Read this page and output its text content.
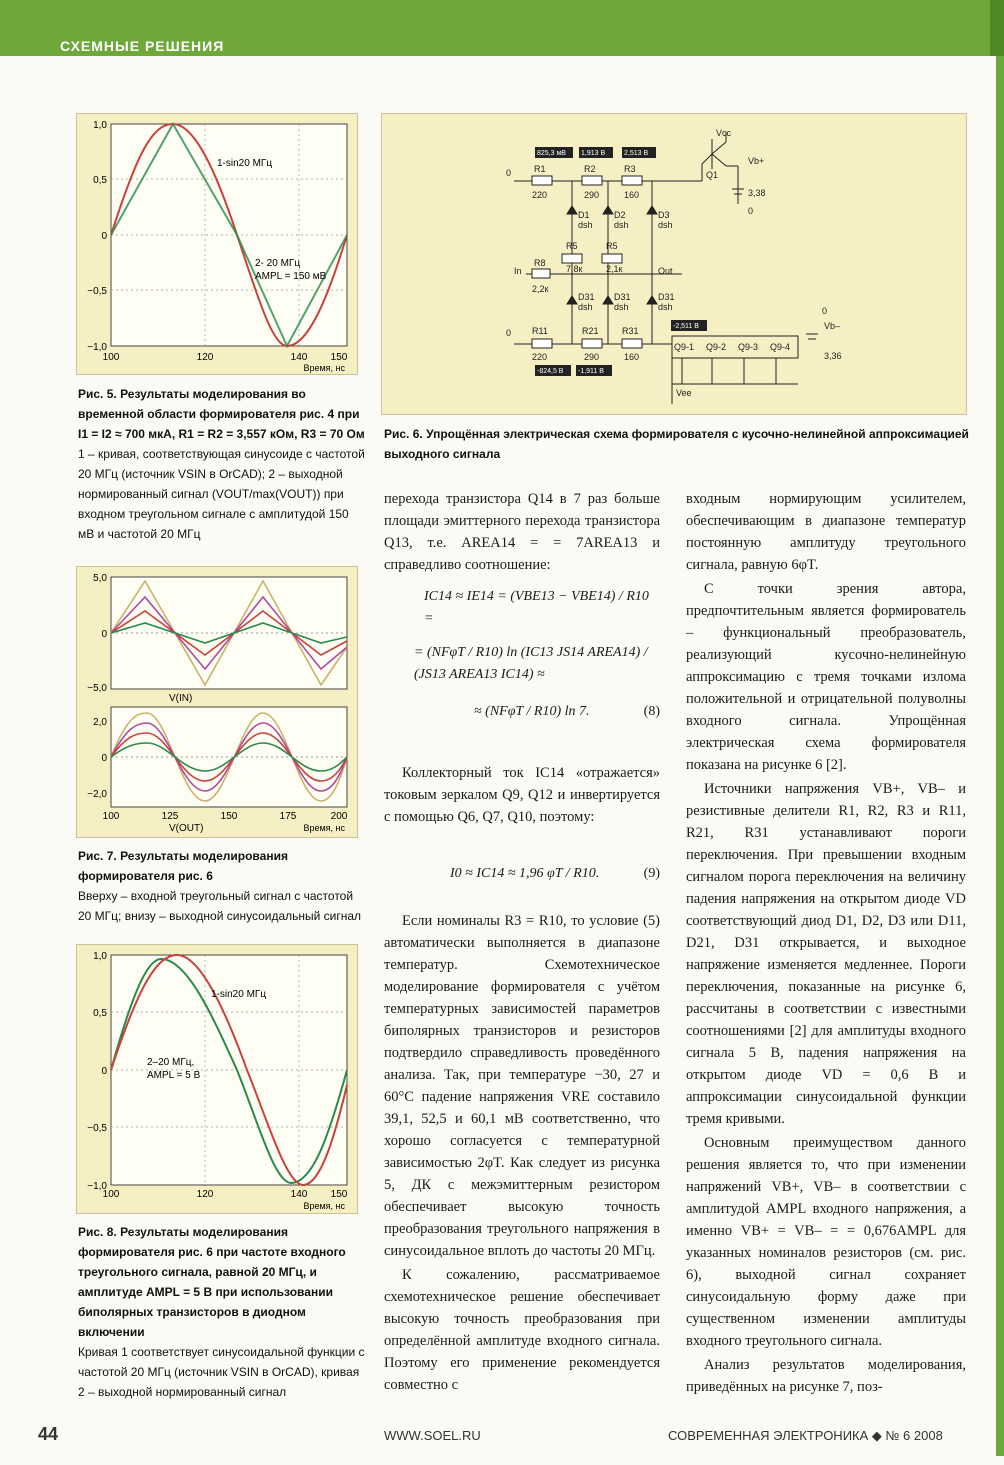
СХЕМНЫЕ РЕШЕНИЯ
1,0
0,5
0
−0,5
−1,0
100	120	140 150
Время, нс
1-sin20 МГц
2- 20 МГц
AMPL = 150 мВ
Рис. 5. Результаты моделирования во временной области формирователя рис. 4 при I1 = I2 ≈ 700 мкА, R1 = R2 = 3,557 кОм, R3 = 70 Ом
1 – кривая, соответствующая синусоиде с частотой 20 МГц (источник VSIN в OrCAD); 2 – выходной нормированный сигнал (VOUT/max(VOUT)) при входном треугольном сигнале с амплитудой 150 мВ и частотой 20 МГц
5,0
0
−5,0
V(IN)
2,0
0
−2,0
100	125	150	175	200
V(OUT)	Время, нс
Рис. 7. Результаты моделирования формирователя рис. 6
Вверху – входной треугольный сигнал с частотой 20 МГц; внизу – выходной синусоидальный сигнал
1,0
0,5
0
−0,5
−1,0
100	120	140 150
Время, нс
1-sin20 МГц
2–20 МГц,
AMPL = 5 В
Рис. 8. Результаты моделирования формирователя рис. 6 при частоте входного треугольного сигнала, равной 20 МГц, и амплитуде AMPL = 5 В при использовании биполярных транзисторов в диодном включении
Кривая 1 соответствует синусоидальной функции с частотой 20 МГц (источник VSIN в OrCAD), кривая 2 – выходной нормированный сигнал
825,3 мВ 1,913 В	2,513 В
-2,511 В
-824,5 В -1,911 В
0	R1
220
R2
290
R3
160
Vcc
Q1
Vb+
3,38
0
D1	D2	D3
dsh dsh	dsh
R5
7,8к
R5
2,1к
In
R8
2,2к
Out
D31 D31	D31
dsh dsh	dsh
0 R11
220
R21
290
R31
160
Q9-1 Q9-2 Q9-3 Q9-4
0
Vb–
3,36
Vee
Рис. 6. Упрощённая электрическая схема формирователя с кусочно-нелинейной аппроксимацией выходного сигнала

перехода транзистора Q14 в 7 раз больше площади эмиттерного перехода транзистора Q13, т.е. AREA14 = = 7AREA13 и справедливо соотношение:

IC14 ≈ IE14 = (VBE13 − VBE14) / R10 =
= (NFφT / R10) ln (IC13 JS14 AREA14) / (JS13 AREA13 IC14) ≈
≈ (NFφT / R10) ln 7.	(8)

Коллекторный ток IC14 «отражается» токовым зеркалом Q9, Q12 и инвертируется с помощью Q6, Q7, Q10, поэтому:

I0 ≈ IC14 ≈ 1,96 φT / R10.	(9)

Если номиналы R3 = R10, то условие (5) автоматически выполняется в диапазоне температур. Схемотехническое моделирование формирователя с учётом температурных зависимостей параметров биполярных транзисторов и резисторов подтвердило справедливость проведённого анализа. Так, при температуре −30, 27 и 60°С падение напряжения VRE составило 39,1, 52,5 и 60,1 мВ соответственно, что хорошо согласуется с температурной зависимостью 2φT. Как следует из рисунка 5, ДК с межэмиттерным резистором обеспечивает высокую точность преобразования треугольного напряжения в синусоидальное вплоть до частоты 20 МГц.

К сожалению, рассматриваемое схемотехническое решение обеспечивает высокую точность преобразования при определённой амплитуде входного сигнала. Поэтому его применение рекомендуется совместно с

входным нормирующим усилителем, обеспечивающим в диапазоне температур постоянную амплитуду треугольного сигнала, равную 6φT.

С точки зрения автора, предпочтительным является формирователь – функциональный преобразователь, реализующий кусочно-нелинейную аппроксимацию с тремя точками излома положительной и отрицательной полуволны входного сигнала. Упрощённая электрическая схема формирователя показана на рисунке 6 [2].

Источники напряжения VB+, VB– и резистивные делители R1, R2, R3 и R11, R21, R31 устанавливают пороги переключения. При превышении входным сигналом порога переключения на величину падения напряжения на открытом диоде VD соответствующий диод D1, D2, D3 или D11, D21, D31 открывается, и выходное напряжение изменяется медленнее. Пороги переключения, показанные на рисунке 6, рассчитаны в соответствии с известными соотношениями [2] для амплитуды входного сигнала 5 В, падения напряжения на открытом диоде VD = 0,6 В и аппроксимации синусоидальной функции тремя кривыми.

Основным преимуществом данного решения является то, что при изменении напряжений VB+, VB– в соответствии с амплитудой AMPL входного напряжения, а именно VB+ = VB– = = 0,676AMPL для указанных номиналов резисторов (см. рис. 6), выходной сигнал сохраняет синусоидальную форму даже при существенном изменении амплитуды входного треугольного сигнала.

Анализ результатов моделирования, приведённых на рисунке 7, поз-

44	WWW.SOEL.RU	СОВРЕМЕННАЯ ЭЛЕКТРОНИКА ◆ № 6 2008
